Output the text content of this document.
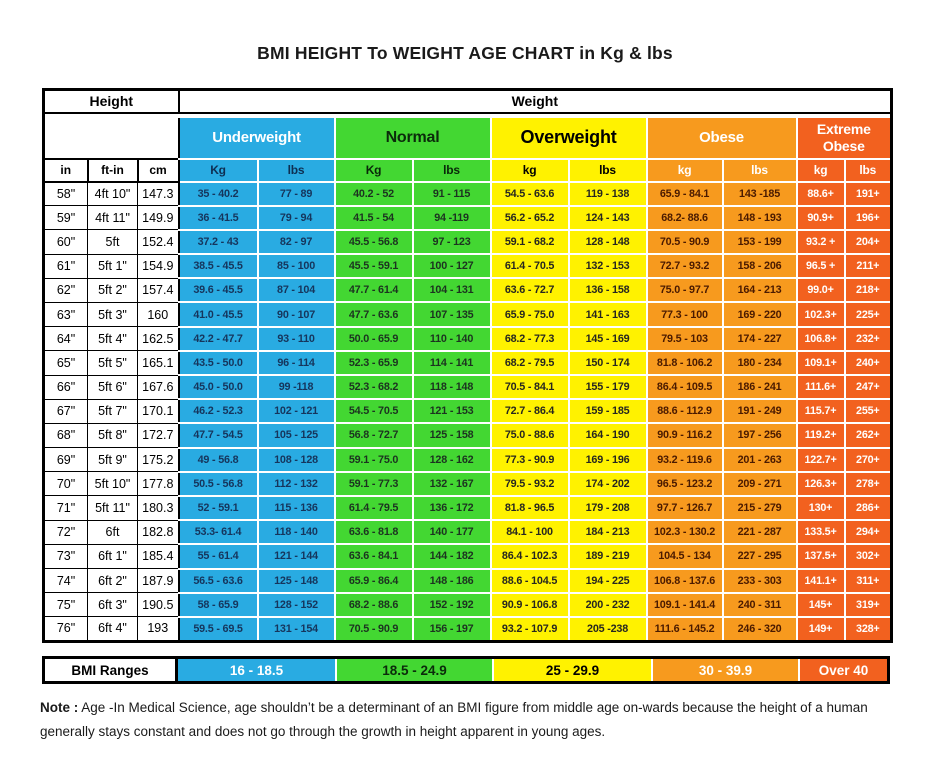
BMI HEIGHT To WEIGHT AGE CHART in Kg & lbs
Height			Weight									

			Underweight		Normal		Overweight		Obese		Extreme Obese	
in	ft-in	cm	Kg	lbs	Kg	lbs	kg	lbs	kg	lbs	kg	lbs
58"	4ft 10"	147.3	35 - 40.2	77 - 89	40.2 - 52	91 - 115	54.5 - 63.6	119 - 138	65.9 - 84.1	143 -185	88.6+	191+
59"	4ft 11"	149.9	36 - 41.5	79 - 94	41.5 - 54	94 -119	56.2 - 65.2	124 - 143	68.2- 88.6	148 - 193	90.9+	196+
60"	5ft	152.4	37.2 - 43	82 - 97	45.5 - 56.8	97 - 123	59.1 - 68.2	128 - 148	70.5 - 90.9	153 - 199	93.2 +	204+
61"	5ft 1"	154.9	38.5 - 45.5	85 - 100	45.5 - 59.1	100 - 127	61.4 - 70.5	132 - 153	72.7 - 93.2	158 - 206	96.5 +	211+
62"	5ft 2"	157.4	39.6 - 45.5	87 - 104	47.7 - 61.4	104 - 131	63.6 - 72.7	136 - 158	75.0 - 97.7	164 - 213	99.0+	218+
63"	5ft 3"	160	41.0 - 45.5	90 - 107	47.7 - 63.6	107 - 135	65.9 - 75.0	141 - 163	77.3 - 100	169 - 220	102.3+	225+
64"	5ft 4"	162.5	42.2 - 47.7	93 - 110	50.0 - 65.9	110 - 140	68.2 - 77.3	145 - 169	79.5 - 103	174 - 227	106.8+	232+
65"	5ft 5"	165.1	43.5 - 50.0	96 - 114	52.3 - 65.9	114 - 141	68.2 - 79.5	150 - 174	81.8 - 106.2	180 - 234	109.1+	240+
66"	5ft 6"	167.6	45.0 - 50.0	99 -118	52.3 - 68.2	118 - 148	70.5 - 84.1	155 - 179	86.4 - 109.5	186 - 241	111.6+	247+
67"	5ft 7"	170.1	46.2 - 52.3	102 - 121	54.5 - 70.5	121 - 153	72.7 - 86.4	159 - 185	88.6 - 112.9	191 - 249	115.7+	255+
68"	5ft 8"	172.7	47.7 - 54.5	105 - 125	56.8 - 72.7	125 - 158	75.0 - 88.6	164 - 190	90.9 - 116.2	197 - 256	119.2+	262+
69"	5ft 9"	175.2	49 - 56.8	108 - 128	59.1 - 75.0	128 - 162	77.3 - 90.9	169 - 196	93.2 - 119.6	201 - 263	122.7+	270+
70"	5ft 10"	177.8	50.5 - 56.8	112 - 132	59.1 - 77.3	132 - 167	79.5 - 93.2	174 - 202	96.5 - 123.2	209 - 271	126.3+	278+
71"	5ft 11"	180.3	52 - 59.1	115 - 136	61.4 - 79.5	136 - 172	81.8 - 96.5	179 - 208	97.7 - 126.7	215 - 279	130+	286+
72"	6ft	182.8	53.3- 61.4	118 - 140	63.6 - 81.8	140 - 177	84.1 - 100	184 - 213	102.3 - 130.2	221 - 287	133.5+	294+
73"	6ft 1"	185.4	55 - 61.4	121 - 144	63.6 - 84.1	144 - 182	86.4 - 102.3	189 - 219	104.5 - 134	227 - 295	137.5+	302+
74"	6ft 2"	187.9	56.5 - 63.6	125 - 148	65.9 - 86.4	148 - 186	88.6 - 104.5	194 - 225	106.8 - 137.6	233 - 303	141.1+	311+
75"	6ft 3"	190.5	58 - 65.9	128 - 152	68.2 - 88.6	152 - 192	90.9 - 106.8	200 - 232	109.1 - 141.4	240 - 311	145+	319+
76"	6ft 4"	193	59.5 - 69.5	131 - 154	70.5 - 90.9	156 - 197	93.2 - 107.9	205 -238	111.6 - 145.2	246 - 320	149+	328+
BMI Ranges	16 - 18.5	18.5 - 24.9	25 - 29.9	30 - 39.9	Over 40
Note : Age -In Medical Science, age shouldn’t be a determinant of an BMI figure from middle age on-wards because the height of a human generally stays constant and does not go through the growth in height apparent in young ages.
